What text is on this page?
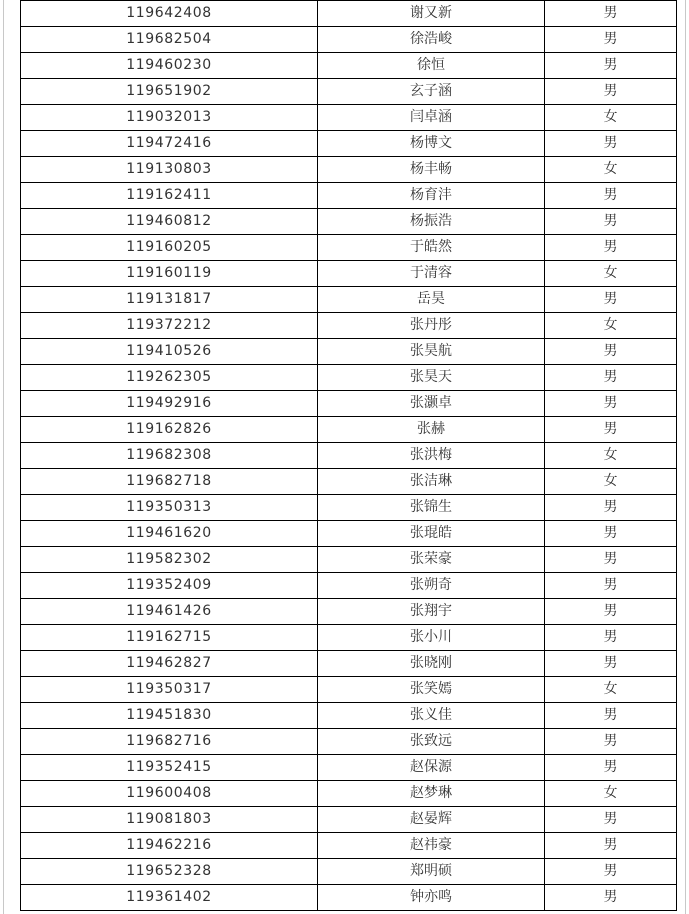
119642408	谢又新	男
119682504	徐浩峻	男
119460230	徐恒	男
119651902	玄子涵	男
119032013	闫卓涵	女
119472416	杨博文	男
119130803	杨丰畅	女
119162411	杨育沣	男
119460812	杨振浩	男
119160205	于皓然	男
119160119	于清容	女
119131817	岳昊	男
119372212	张丹彤	女
119410526	张昊航	男
119262305	张昊天	男
119492916	张灏卓	男
119162826	张赫	男
119682308	张洪梅	女
119682718	张洁琳	女
119350313	张锦生	男
119461620	张琨皓	男
119582302	张荣豪	男
119352409	张朔奇	男
119461426	张翔宇	男
119162715	张小川	男
119462827	张晓刚	男
119350317	张笑嫣	女
119451830	张义佳	男
119682716	张致远	男
119352415	赵保源	男
119600408	赵梦琳	女
119081803	赵晏辉	男
119462216	赵祎豪	男
119652328	郑明硕	男
119361402	钟亦鸣	男
